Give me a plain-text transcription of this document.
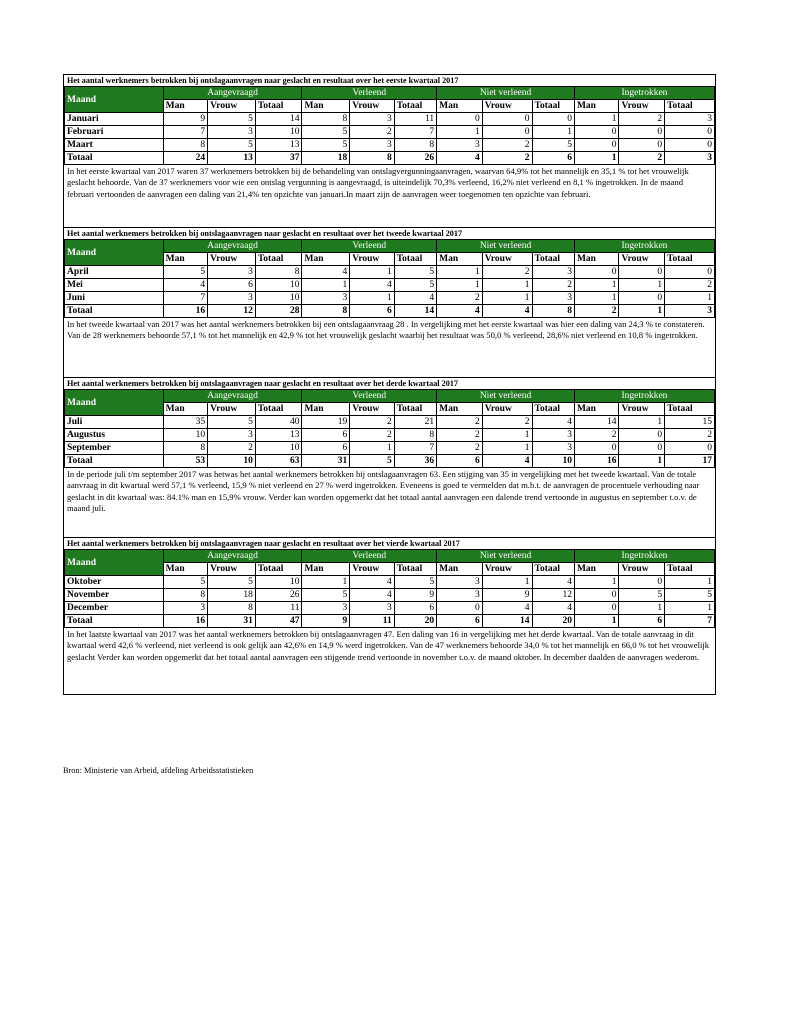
Het aantal werknemers betrokken bij ontslagaanvragen naar geslacht en resultaat over het eerste kwartaal 2017
Maand	Aangevraagd			Verleend			Niet verleend			Ingetrokken		
	Man	Vrouw	Totaal	Man	Vrouw	Totaal	Man	Vrouw	Totaal	Man	Vrouw	Totaal
Januari	9	5	14	8	3	11	0	0	0	1	2	3
Februari	7	3	10	5	2	7	1	0	1	0	0	0
Maart	8	5	13	5	3	8	3	2	5	0	0	0
Totaal	24	13	37	18	8	26	4	2	6	1	2	3
In het eerste kwartaal van 2017 waren 37 werknemers betrokken bij de behandeling van ontslagvergunningaanvragen, waarvan 64,9% tot het mannelijk en 35,1 % tot het vrouwelijk geslacht behoorde. Van de 37 werknemers voor wie een ontslag vergunning is aangevraagd, is uiteindelijk 70,3% verleend, 16,2% niet verleend en 8,1 % ingetrokken. In de maand februari vertoonden de aanvragen een daling van 21,4% ten opzichte van januari.In maart zijn de aanvragen weer toegenomen ten opzichte van februari.
Het aantal werknemers betrokken bij ontslagaanvragen naar geslacht en resultaat over het tweede kwartaal 2017
Maand	Aangevraagd			Verleend			Niet verleend			Ingetrokken		
	Man	Vrouw	Totaal	Man	Vrouw	Totaal	Man	Vrouw	Totaal	Man	Vrouw	Totaal
April	5	3	8	4	1	5	1	2	3	0	0	0
Mei	4	6	10	1	4	5	1	1	2	1	1	2
Juni	7	3	10	3	1	4	2	1	3	1	0	1
Totaal	16	12	28	8	6	14	4	4	8	2	1	3
In het tweede kwartaal van 2017 was het aantal werknemers betrokken bij een ontslagaanvraag 28 . In vergelijking met het eerste kwartaal was hier een daling van 24,3 % te constateren. Van de 28 werknemers behoorde 57,1 % tot het mannelijk en 42,9 % tot het vrouwelijk geslacht waarbij het resultaat was 50,0 % verleend, 28,6% niet verleend en 10,8 % ingetrokken.
Het aantal werknemers betrokken bij ontslagaanvragen naar geslacht en resultaat over het derde kwartaal 2017
Maand	Aangevraagd			Verleend			Niet verleend			Ingetrokken		
	Man	Vrouw	Totaal	Man	Vrouw	Totaal	Man	Vrouw	Totaal	Man	Vrouw	Totaal
Juli	35	5	40	19	2	21	2	2	4	14	1	15
Augustus	10	3	13	6	2	8	2	1	3	2	0	2
September	8	2	10	6	1	7	2	1	3	0	0	0
Totaal	53	10	63	31	5	36	6	4	10	16	1	17
In de periode juli t/m september 2017 was hetwas het aantal werknemers betrokken bij ontslagaanvragen 63. Een stijging van 35 in vergelijking met het tweede kwartaal. Van de totale aanvraag in dit kwartaal werd 57,1 % verleend, 15,9 % niet verleend en 27 % werd ingetrokken. Eveneens is goed te vermelden dat m.b.t. de aanvragen de procentuele verhouding naar geslacht in dit kwartaal was: 84.1% man en 15,9% vrouw. Verder kan worden opgemerkt dat het totaal aantal aanvragen een dalende trend vertoonde in augustus en september t.o.v. de maand juli.
Het aantal werknemers betrokken bij ontslagaanvragen naar geslacht en resultaat over het vierde kwartaal 2017
Maand	Aangevraagd			Verleend			Niet verleend			Ingetrokken		
	Man	Vrouw	Totaal	Man	Vrouw	Totaal	Man	Vrouw	Totaal	Man	Vrouw	Totaal
Oktober	5	5	10	1	4	5	3	1	4	1	0	1
November	8	18	26	5	4	9	3	9	12	0	5	5
December	3	8	11	3	3	6	0	4	4	0	1	1
Totaal	16	31	47	9	11	20	6	14	20	1	6	7
In het laatste kwartaal van 2017 was het aantal werknemers betrokken bij ontslagaanvragen 47. Een daling van 16 in vergelijking met het derde kwartaal. Van de totale aanvraag in dit kwartaal werd 42,6 % verleend, niet verleend is ook gelijk aan 42,6% en 14,9 % werd ingetrokken. Van de 47 werknemers behoorde 34,0 % tot het mannelijk en 66,0 % tot het vrouwelijk geslacht Verder kan worden opgemerkt dat het totaal aantal aanvragen een stijgende trend vertoonde in november t.o.v. de maand oktober. In december daalden de aanvragen wederom.
Bron: Ministerie van Arbeid, afdeling Arbeidsstatistieken
